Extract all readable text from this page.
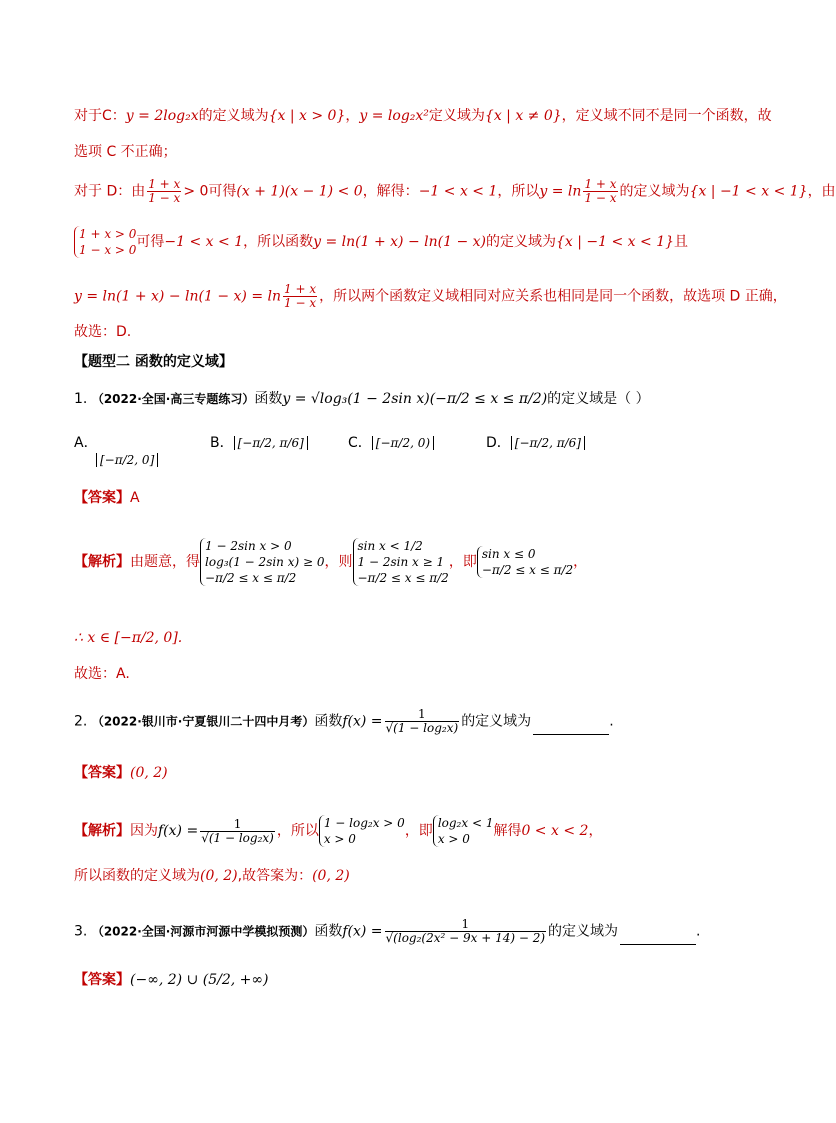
对于C：y = 2log₂x的定义域为{x | x > 0}，y = log₂x²定义域为{x | x ≠ 0}，定义域不同不是同一个函数，故
选项 C 不正确；
对于 D：由 $\frac{1 + x}{1 - x} > 0$可得(x + 1)(x − 1) < 0，解得：−1 < x < 1，所以$y = \ln \frac{1 + x}{1 - x}$ 的定义域为{x | −1 < x < 1}，由
1 + x > 0
1 − x > 0 可得−1 < x < 1，所以函数y = ln(1 + x) − ln(1 − x)的定义域为{x | −1 < x < 1}且
$y = \ln(1 + x) - \ln(1 - x) = \ln \frac{1 + x}{1 - x}$ ，所以两个函数定义域相同对应关系也相同是同一个函数，故选项 D 正确，
故选：D.
【题型二 函数的定义域】
1. （2022·全国·高三专题练习）函数y = √log₃(1 − 2sin x)(−π/2 ≤ x ≤ π/2)的定义域是（ ）
A．
[−π/2, 0]
B． [−π/2, π/6]	C． [−π/2, 0)	D． [−π/2, π/6]
【答案】A
【解析】由题意，得
1 − 2sin x > 0
log₃(1 − 2sin x) ≥ 0
−π/2 ≤ x ≤ π/2
，则
sin x < 1/2
1 − 2sin x ≥ 1
−π/2 ≤ x ≤ π/2
，即 sin x ≤ 0
−π/2 ≤ x ≤ π/2 ，
∴ x ∈ [−π/2, 0].
故选：A.
2. （2022·银川市·宁夏银川二十四中月考）函数$f(x) = \frac{1}{\text{√(1 − log₂x)}}$ 的定义域为	.
【答案】(0, 2)
【解析】因为$f(x) = \frac{1}{\text{√(1 − log₂x)}}$ ，所以 1 − log₂x > 0
x > 0	，即 log₂x < 1
x > 0	解得0 < x < 2，
所以函数的定义域为(0, 2),故答案为：(0, 2)
3. （2022·全国·河源市河源中学模拟预测）函数$f(x) = \frac{1}{\text{√(log₂(2x² − 9x + 14) − 2)}}$ 的定义域为	.
【答案】(−∞, 2) ∪ (5/2, +∞)
